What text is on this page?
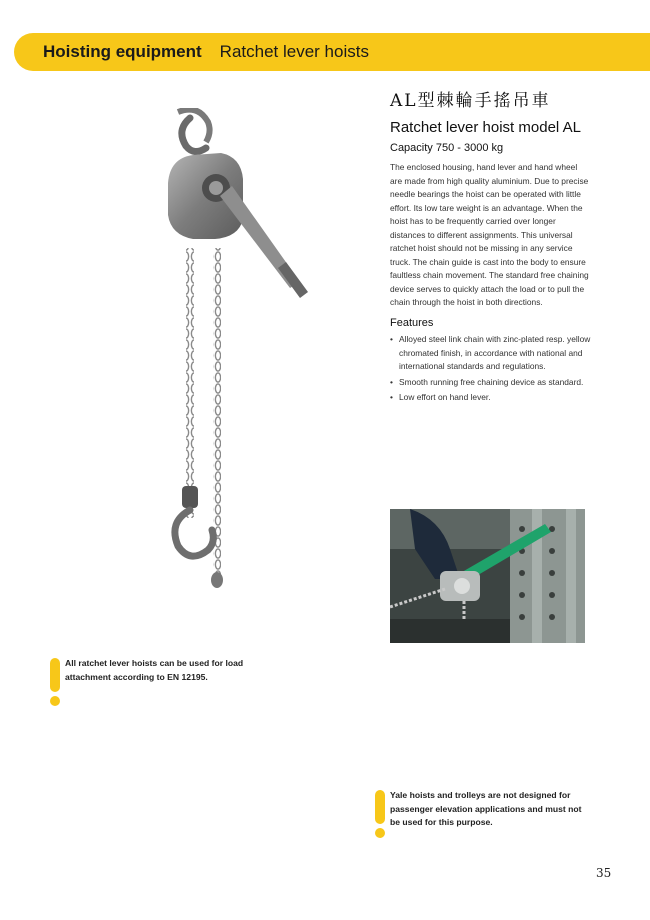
Hoisting equipment Ratchet lever hoists
AL型棘輪手搖吊車
Ratchet lever hoist model AL
Capacity 750 - 3000 kg

The enclosed housing, hand lever and hand wheel are made from high quality aluminium. Due to precise needle bearings the hoist can be operated with little effort. Its low tare weight is an advantage. When the hoist has to be frequently carried over longer distances to different assignments. This universal ratchet hoist should not be missing in any service truck. The chain guide is cast into the body to ensure faultless chain movement. The standard free chaining device serves to quickly attach the load or to pull the chain through the hoist in both directions.

Features
• Alloyed steel link chain with zinc-plated resp. yellow chromated finish, in accordance with national and international standards and regulations.
• Smooth running free chaining device as standard.
• Low effort on hand lever.
All ratchet lever hoists can be used for load attachment according to EN 12195.
Yale hoists and trolleys are not designed for passenger elevation applications and must not be used for this purpose.
35
